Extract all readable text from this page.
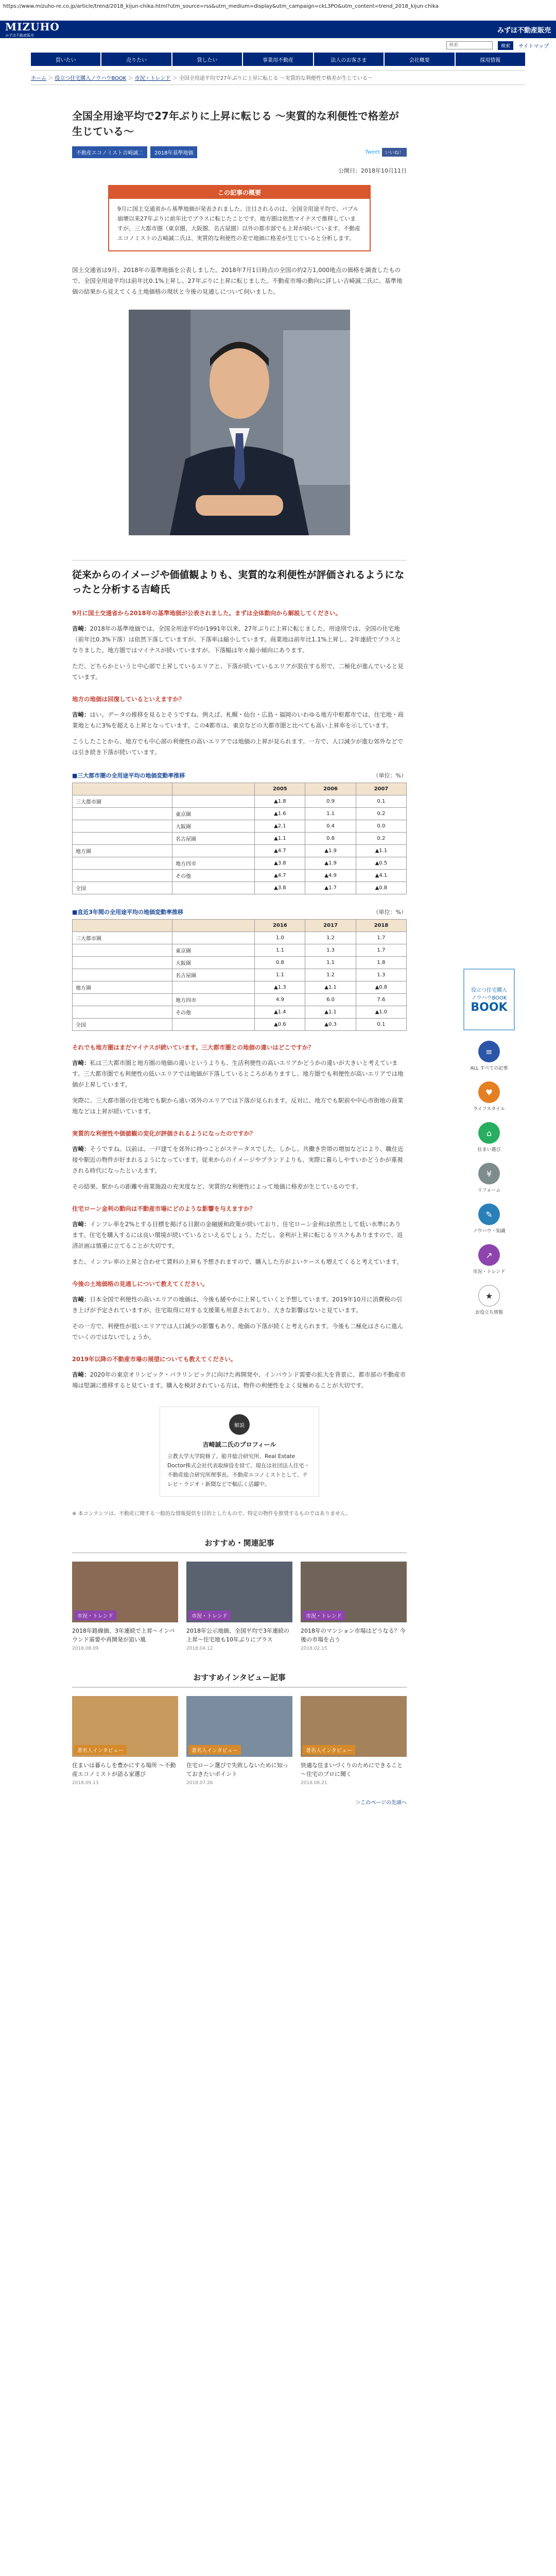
https://www.mizuho-re.co.jp/article/trend/2018_kijun-chika.html?utm_source=rss&utm_medium=display&utm_campaign=ckL3PO&utm_content=trend_2018_kijun-chika
MIZUHO
みずほ不動産販売
みずほ不動産販売
検索
検索	サイトマップ
買いたい	売りたい	貸したい	事業用不動産	法人のお客さま	会社概要	採用情報
ホーム ＞ 役立つ住宅購入ノウハウBOOK ＞ 市況・トレンド ＞ 全国全用途平均で27年ぶりに上昇に転じる ～実質的な利便性で格差が生じている～
全国全用途平均で27年ぶりに上昇に転じる ～実質的な利便性で格差が生じている～
不動産エコノミスト吉崎誠二	2018年基準地価	Tweet	いいね！
公開日：2018年10月11日
この記事の概要

9月に国土交通省から基準地価が発表されました。注目されるのは、全国全用途平均で、バブル崩壊以来27年ぶりに前年比でプラスに転じたことです。地方圏は依然マイナスで推移していますが、三大都市圏（東京圏、大阪圏、名古屋圏）以外の都市部でも上昇が続いています。不動産エコノミストの吉崎誠二氏は、実質的な利便性の差で地価に格差が生じていると分析します。

国土交通省は9月、2018年の基準地価を公表しました。2018年7月1日時点の全国の約2万1,000地点の価格を調査したもので、全国全用途平均は前年比0.1%上昇し、27年ぶりに上昇に転じました。不動産市場の動向に詳しい吉崎誠二氏に、基準地価の結果から見えてくる土地価格の現状と今後の見通しについて伺いました。

従来からのイメージや価値観よりも、実質的な利便性が評価されるようになったと分析する吉崎氏

9月に国土交通省から2018年の基準地価が公表されました。まずは全体動向から解説してください。

吉崎：2018年の基準地価では、全国全用途平均が1991年以来、27年ぶりに上昇に転じました。用途別では、全国の住宅地（前年比0.3%下落）は依然下落していますが、下落率は縮小しています。商業地は前年比1.1%上昇し、2年連続でプラスとなりました。地方圏ではマイナスが続いていますが、下落幅は年々縮小傾向にあります。

ただ、どちらかというと中心部で上昇しているエリアと、下落が続いているエリアが混在する形で、二極化が進んでいると見ています。

地方の地価は回復しているといえますか？

吉崎：はい。データの推移を見るとそうですね。例えば、札幌・仙台・広島・福岡のいわゆる地方中枢都市では、住宅地・商業地ともに3%を超える上昇となっています。この4都市は、東京などの大都市圏と比べても高い上昇率を示しています。

こうしたことから、地方でも中心部の利便性の高いエリアでは地価の上昇が見られます。一方で、人口減少が進む郊外などでは引き続き下落が続いています。

■三大都市圏の全用途平均の地価変動率推移	（単位：%）
		2005	2006	2007
三大都市圏		▲1.8	0.9	0.1
	東京圏	▲1.6	1.1	0.2
	大阪圏	▲2.1	0.4	0.0
	名古屋圏	▲1.1	0.8	0.2
地方圏		▲4.7	▲1.9	▲1.1
	地方四市	▲3.8	▲1.9	▲0.5
	その他	▲4.7	▲4.9	▲4.1
全国		▲3.8	▲1.7	▲0.8
■直近3年間の全用途平均の地価変動率推移	（単位：%）
		2016	2017	2018
三大都市圏		1.0	1.2	1.7
	東京圏	1.1	1.3	1.7
	大阪圏	0.8	1.1	1.8
	名古屋圏	1.1	1.2	1.3
地方圏		▲1.3	▲1.1	▲0.8
	地方四市	4.9	6.0	7.6
	その他	▲1.4	▲1.1	▲1.0
全国		▲0.6	▲0.3	0.1

それでも地方圏はまだマイナスが続いています。三大都市圏との地価の違いはどこですか？

吉崎：私は三大都市圏と地方圏の地価の違いというよりも、生活利便性の高いエリアかどうかの違いが大きいと考えています。三大都市圏でも利便性の低いエリアでは地価が下落しているところがありますし、地方圏でも利便性が高いエリアでは地価が上昇しています。

実際に、三大都市圏の住宅地でも駅から遠い郊外のエリアでは下落が見られます。反対に、地方でも駅前や中心市街地の商業地などは上昇が続いています。

実質的な利便性や価値観の変化が評価されるようになったのですか？

吉崎：そうですね。以前は、一戸建てを郊外に持つことがステータスでした。しかし、共働き世帯の増加などにより、職住近接や駅近の物件が好まれるようになっています。従来からのイメージやブランドよりも、実際に暮らしやすいかどうかが重視される時代になったといえます。

その結果、駅からの距離や商業施設の充実度など、実質的な利便性によって地価に格差が生じているのです。

住宅ローン金利の動向は不動産市場にどのような影響を与えますか？

吉崎：インフレ率を2%とする目標を掲げる日銀の金融緩和政策が続いており、住宅ローン金利は依然として低い水準にあります。住宅を購入するには良い環境が続いているといえるでしょう。ただし、金利が上昇に転じるリスクもありますので、返済計画は慎重に立てることが大切です。

また、インフレ率の上昇と合わせて賃料の上昇も予想されますので、購入した方がよいケースも増えてくると考えています。

今後の土地価格の見通しについて教えてください。

吉崎：日本全国で利便性の高いエリアの地価は、今後も緩やかに上昇していくと予想しています。2019年10月に消費税の引き上げが予定されていますが、住宅取得に対する支援策も用意されており、大きな影響はないと見ています。

その一方で、利便性が低いエリアでは人口減少の影響もあり、地価の下落が続くと考えられます。今後も二極化はさらに進んでいくのではないでしょうか。

2019年以降の不動産市場の展望についても教えてください。

吉崎：2020年の東京オリンピック・パラリンピックに向けた再開発や、インバウンド需要の拡大を背景に、都市部の不動産市場は堅調に推移すると見ています。購入を検討されている方は、物件の利便性をよく見極めることが大切です。

解説
吉崎誠二氏のプロフィール

立教大学大学院修了。船井総合研究所、Real Estate Doctor株式会社代表取締役を経て、現在は社団法人住宅・不動産総合研究所理事長。不動産エコノミストとして、テレビ・ラジオ・新聞などで幅広く活躍中。

※ 本コンテンツは、不動産に関する一般的な情報提供を目的としたもので、特定の物件を推奨するものではありません。

おすすめ・関連記事
市況・トレンド

2018年路線価、3年連続で上昇～インバウンド需要や再開発が追い風

2018.08.09

市況・トレンド

2018年公示地価、全国平均で3年連続の上昇～住宅地も10年ぶりにプラス

2018.04.12

市況・トレンド

2018年のマンション市場はどうなる？今後の市場を占う

2018.02.15

おすすめインタビュー記事
著名人インタビュー

住まいは暮らしを豊かにする場所 ～不動産エコノミストが語る家選び

2018.09.13

著名人インタビュー

住宅ローン選びで失敗しないために知っておきたいポイント

2018.07.26

著名人インタビュー

快適な住まいづくりのためにできること ～住宅のプロに聞く

2018.06.21

＞このページの先頭へ

役立つ住宅購入
ノウハウBOOK
BOOK
≡
ALL すべての記事
♥
ライフスタイル
⌂
住まい選び
¥
リフォーム
✎
ノウハウ・知識
↗
市況・トレンド
★
お役立ち情報
